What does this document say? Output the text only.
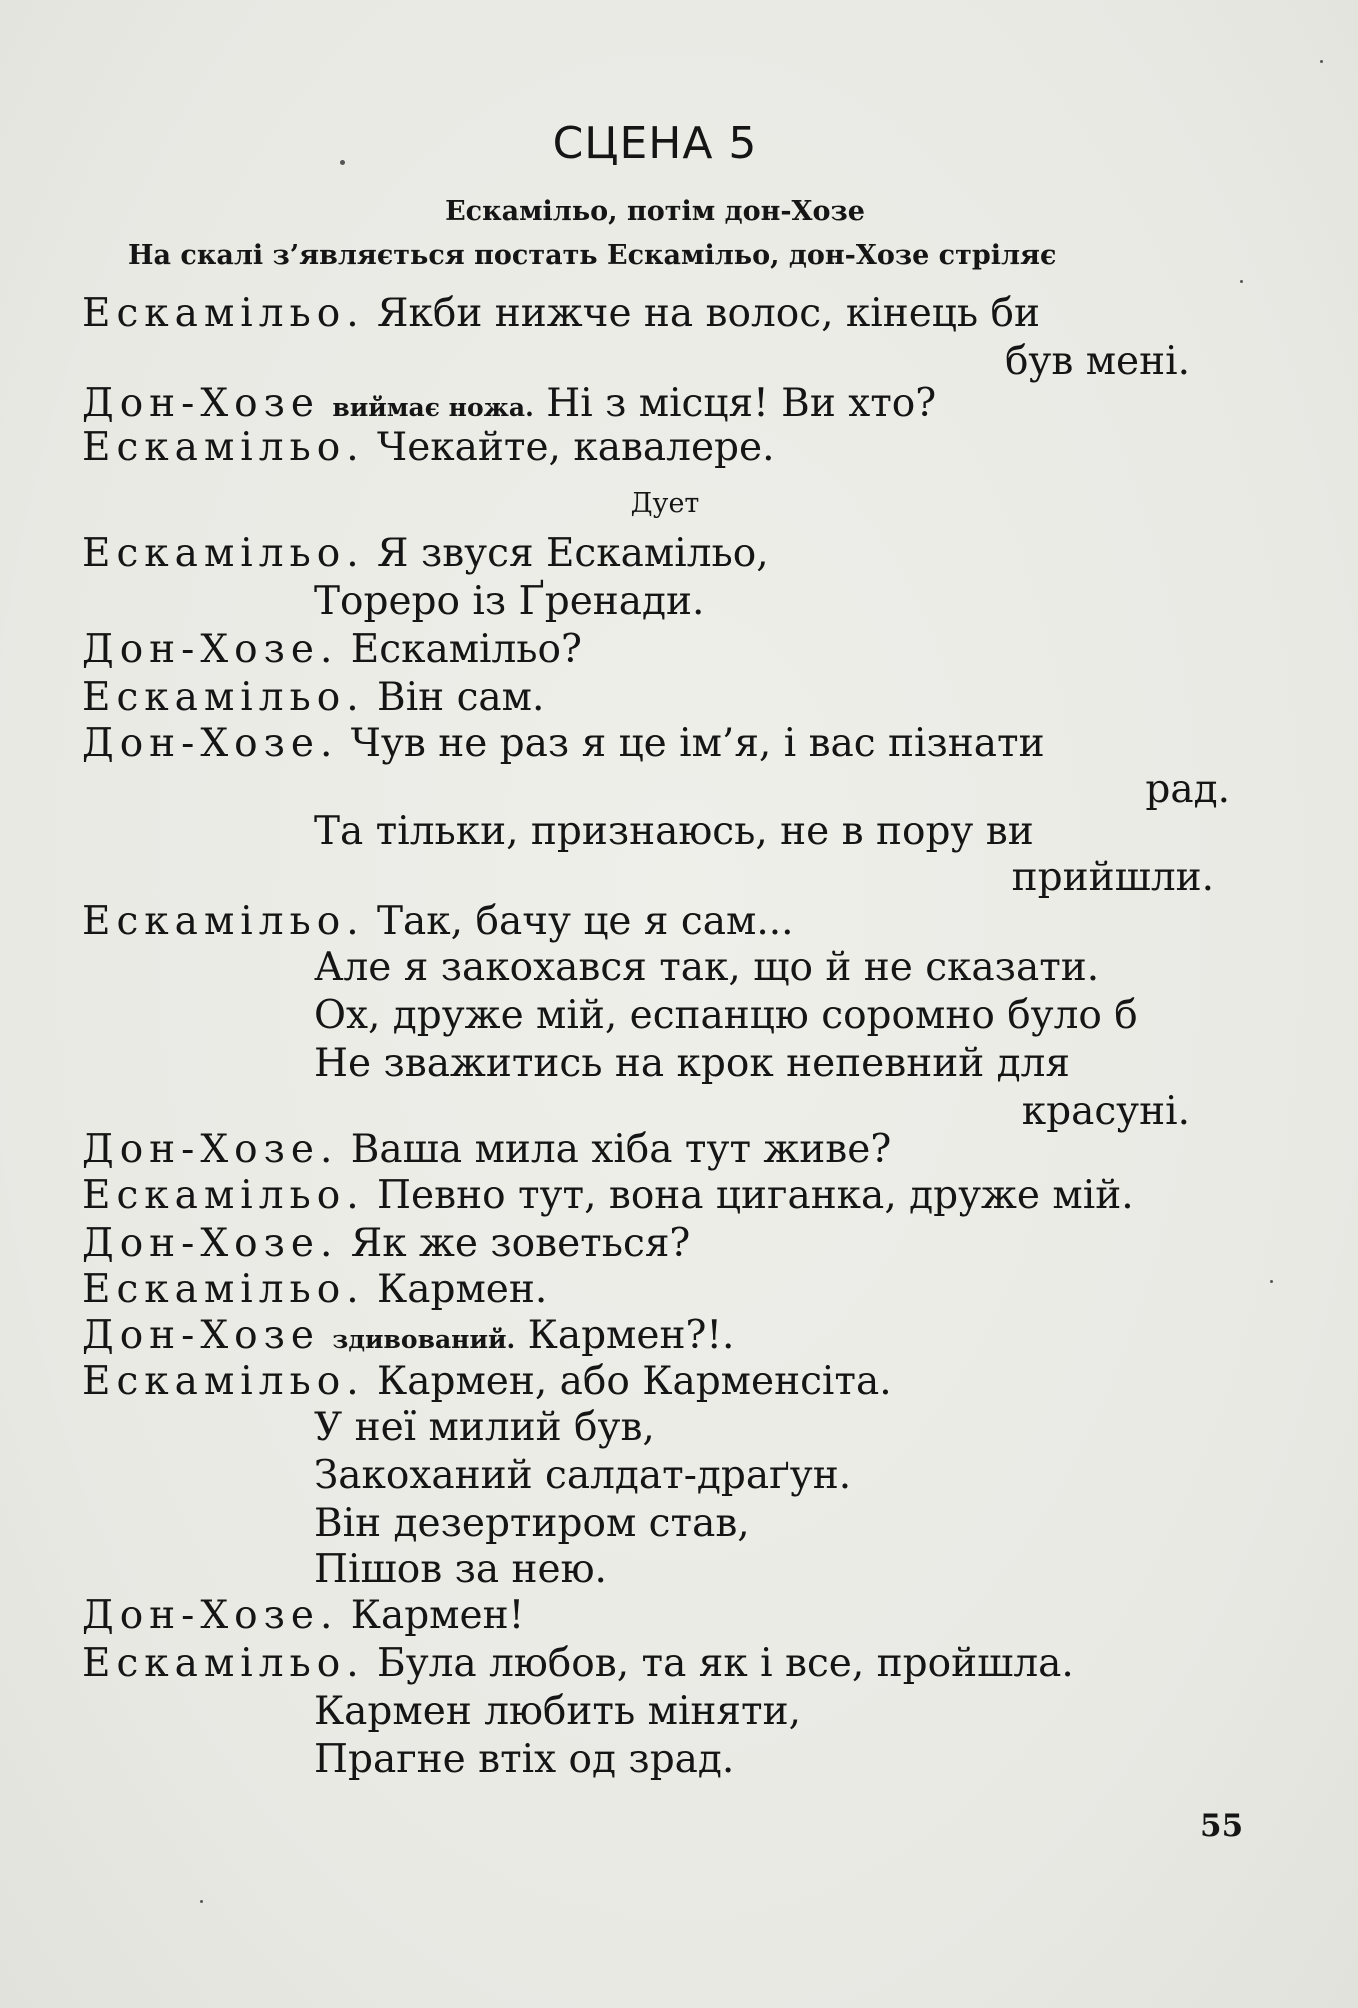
СЦЕНА 5
Ескамільо, потім дон-Хозе
На скалі з’являється постать Ескамільо, дон-Хозе стріляє
Ескамільо. Якби нижче на волос, кінець би
був мені.
Дон-Хозе виймає ножа. Ні з місця! Ви хто?
Ескамільо. Чекайте, кавалере.
Дует
Ескамільо. Я звуся Ескамільо,
Тореро із Ґренади.
Дон-Хозе. Ескамільо?
Ескамільо. Він сам.
Дон-Хозе. Чув не раз я це ім’я, і вас пізнати
рад.
Та тільки, признаюсь, не в пору ви
прийшли.
Ескамільо. Так, бачу це я сам...
Але я закохався так, що й не сказати.
Ох, друже мій, еспанцю соромно було б
Не зважитись на крок непевний для
красуні.
Дон-Хозе. Ваша мила хіба тут живе?
Ескамільо. Певно тут, вона циганка, друже мій.
Дон-Хозе. Як же зоветься?
Ескамільо. Кармен.
Дон-Хозе здивований. Кармен?!.
Ескамільо. Кармен, або Карменсіта.
У неї милий був,
Закоханий салдат-драґун.
Він дезертиром став,
Пішов за нею.
Дон-Хозе. Кармен!
Ескамільо. Була любов, та як і все, пройшла.
Кармен любить міняти,
Прагне втіх од зрад.
55
